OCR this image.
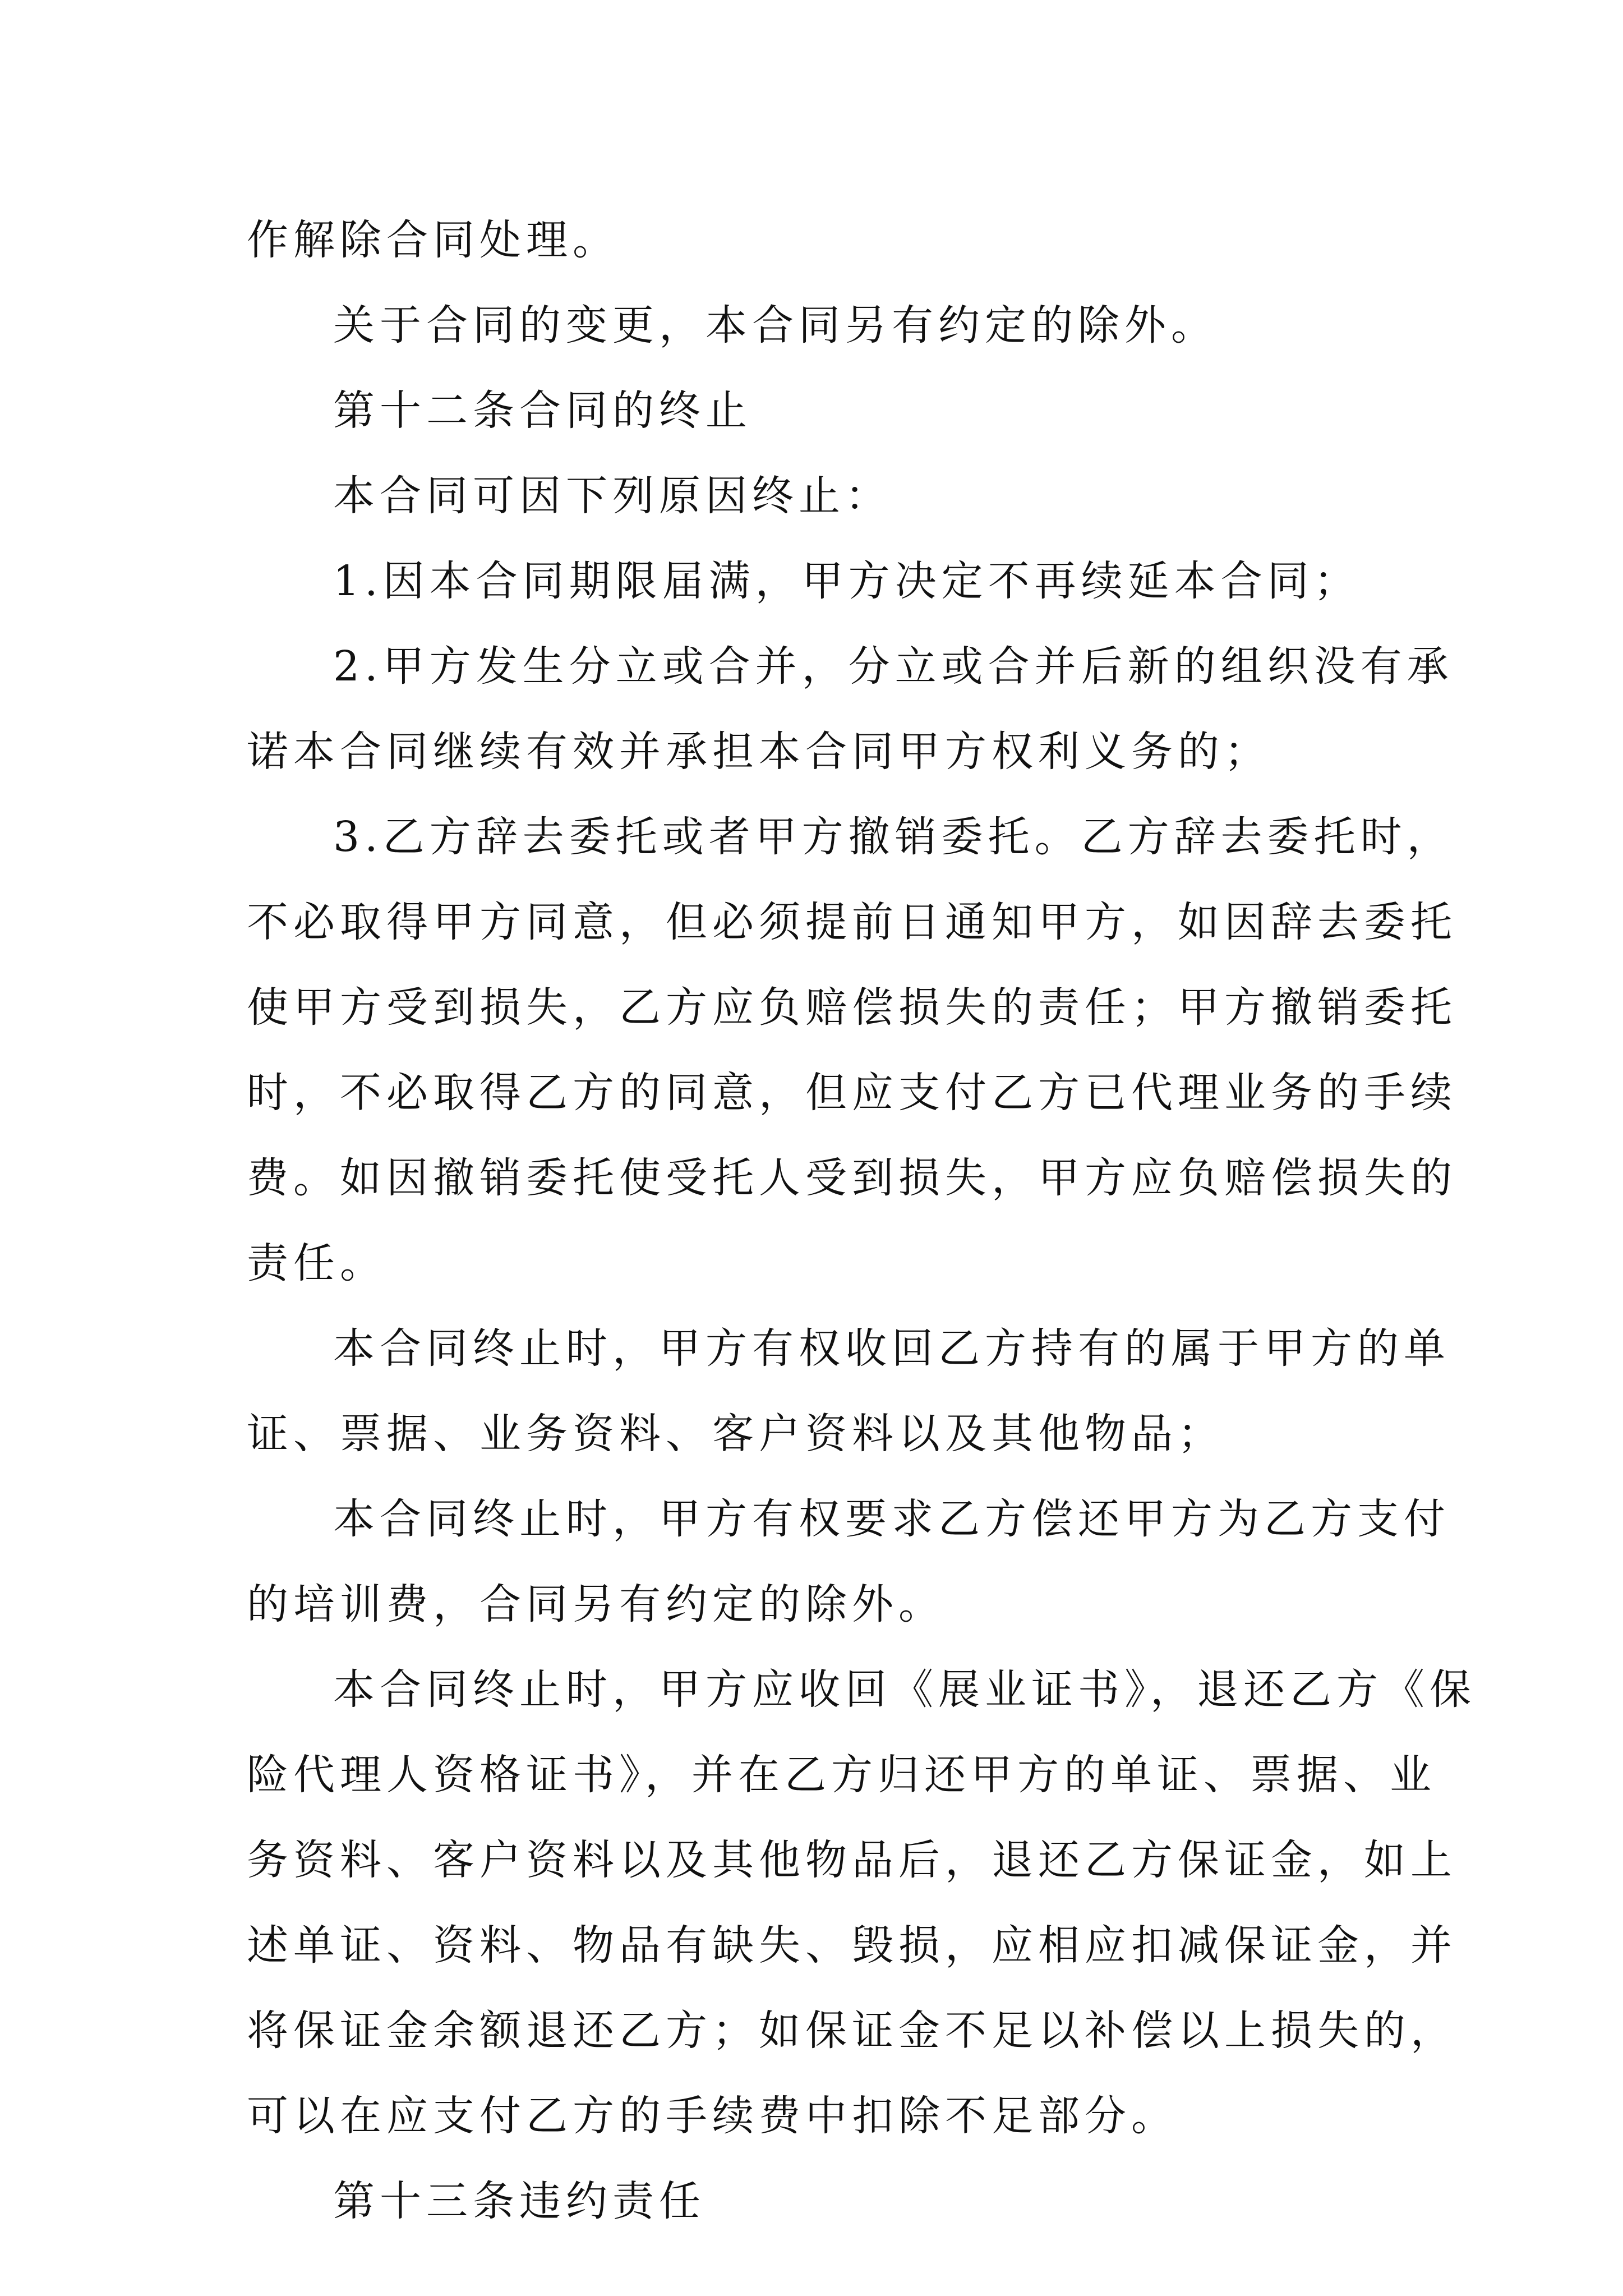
作解除合同处理。

关于合同的变更，本合同另有约定的除外。

第十二条合同的终止

本合同可因下列原因终止：

1.因本合同期限届满，甲方决定不再续延本合同；

2.甲方发生分立或合并，分立或合并后新的组织没有承
诺本合同继续有效并承担本合同甲方权利义务的；

3.乙方辞去委托或者甲方撤销委托。乙方辞去委托时，
不必取得甲方同意，但必须提前日通知甲方，如因辞去委托
使甲方受到损失，乙方应负赔偿损失的责任；甲方撤销委托
时，不必取得乙方的同意，但应支付乙方已代理业务的手续
费。如因撤销委托使受托人受到损失，甲方应负赔偿损失的
责任。

本合同终止时，甲方有权收回乙方持有的属于甲方的单
证、票据、业务资料、客户资料以及其他物品；

本合同终止时，甲方有权要求乙方偿还甲方为乙方支付
的培训费，合同另有约定的除外。

本合同终止时，甲方应收回《展业证书》，退还乙方《保
险代理人资格证书》，并在乙方归还甲方的单证、票据、业
务资料、客户资料以及其他物品后，退还乙方保证金，如上
述单证、资料、物品有缺失、毁损，应相应扣减保证金，并
将保证金余额退还乙方；如保证金不足以补偿以上损失的，
可以在应支付乙方的手续费中扣除不足部分。

第十三条违约责任
